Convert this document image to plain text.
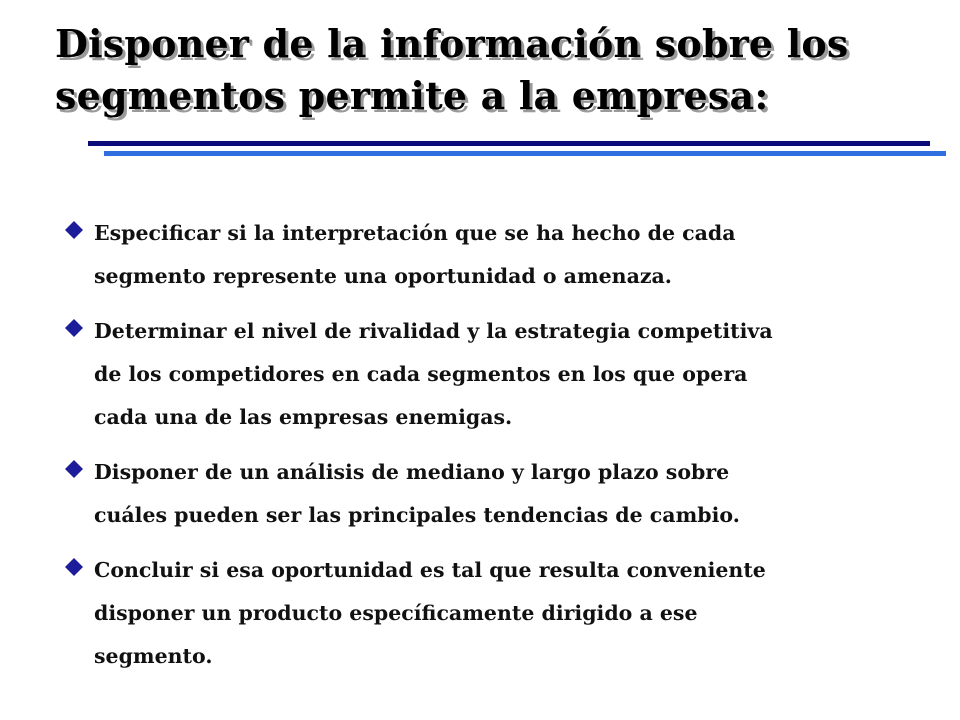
Disponer de la información sobre los
segmentos permite a la empresa:
Especificar si la interpretación que se ha hecho de cada
segmento represente una oportunidad o amenaza.
Determinar el nivel de rivalidad y la estrategia competitiva
de los competidores en cada segmentos en los que opera
cada una de las empresas enemigas.
Disponer de un análisis de mediano y largo plazo sobre
cuáles pueden ser las principales tendencias de cambio.
Concluir si esa oportunidad es tal que resulta conveniente
disponer un producto específicamente dirigido a ese
segmento.
